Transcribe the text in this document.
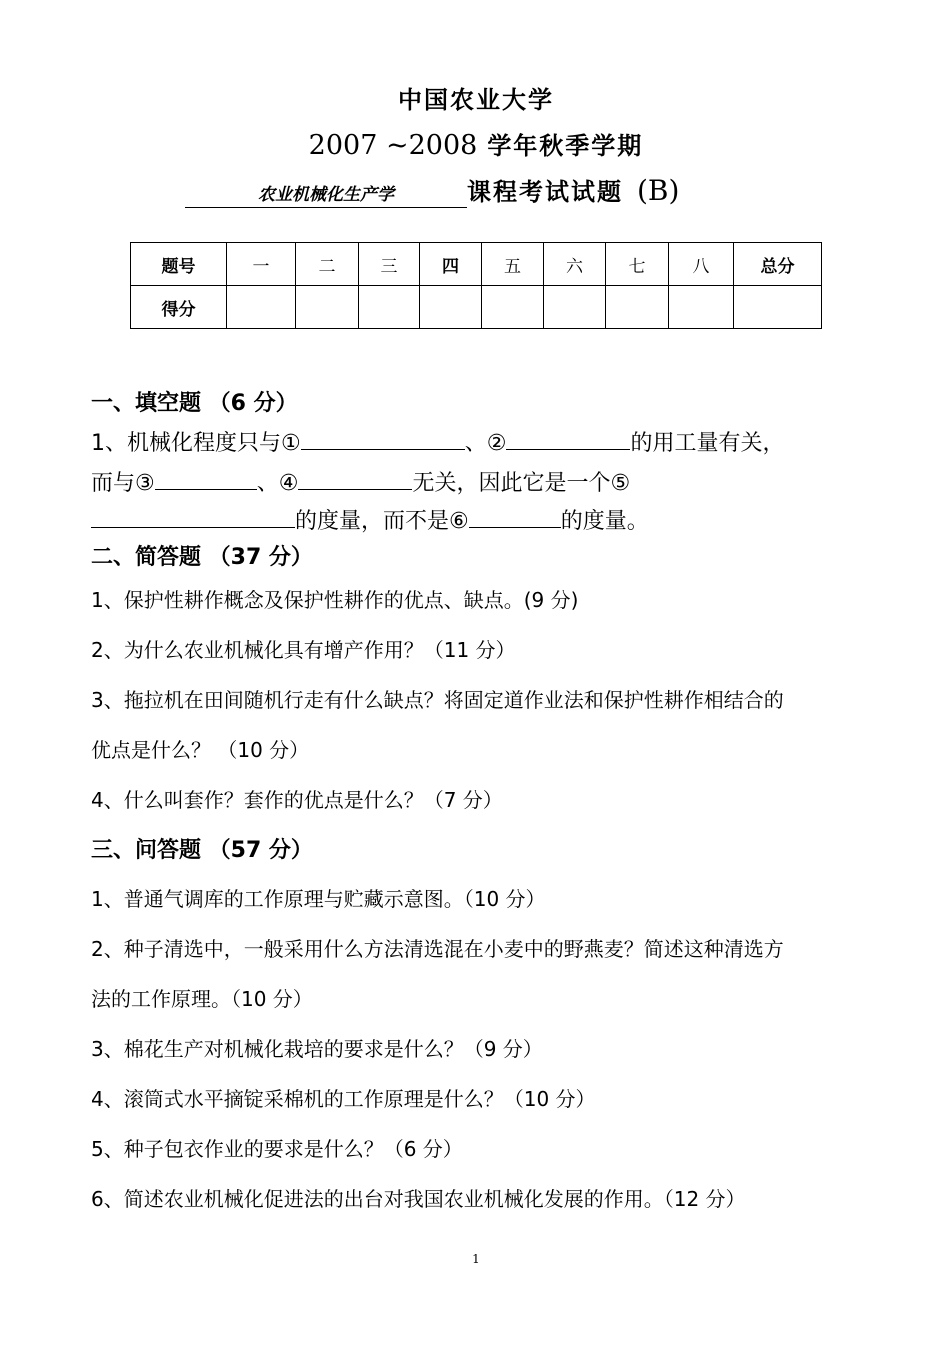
中国农业大学
2007 ~2008 学年秋季学期
农业机械化生产学	课程考试试题 (B)
题号	一	二	三	四	五	六	七	八	总分
得分									
一、填空题 （6 分）
1、机械化程度只与①	、②	的用工量有关，
而与③	、④	无关，因此它是一个⑤
的度量，而不是⑥	的度量。
二、简答题 （37 分）
1、保护性耕作概念及保护性耕作的优点、缺点。(9 分)
2、为什么农业机械化具有增产作用？（11 分）
3、拖拉机在田间随机行走有什么缺点？将固定道作业法和保护性耕作相结合的
优点是什么？ （10 分）
4、什么叫套作？套作的优点是什么？（7 分）
三、问答题 （57 分）
1、普通气调库的工作原理与贮藏示意图。（10 分）
2、种子清选中，一般采用什么方法清选混在小麦中的野燕麦？简述这种清选方
法的工作原理。（10 分）
3、棉花生产对机械化栽培的要求是什么？（9 分）
4、滚筒式水平摘锭采棉机的工作原理是什么？（10 分）
5、种子包衣作业的要求是什么？（6 分）
6、简述农业机械化促进法的出台对我国农业机械化发展的作用。（12 分）
1
